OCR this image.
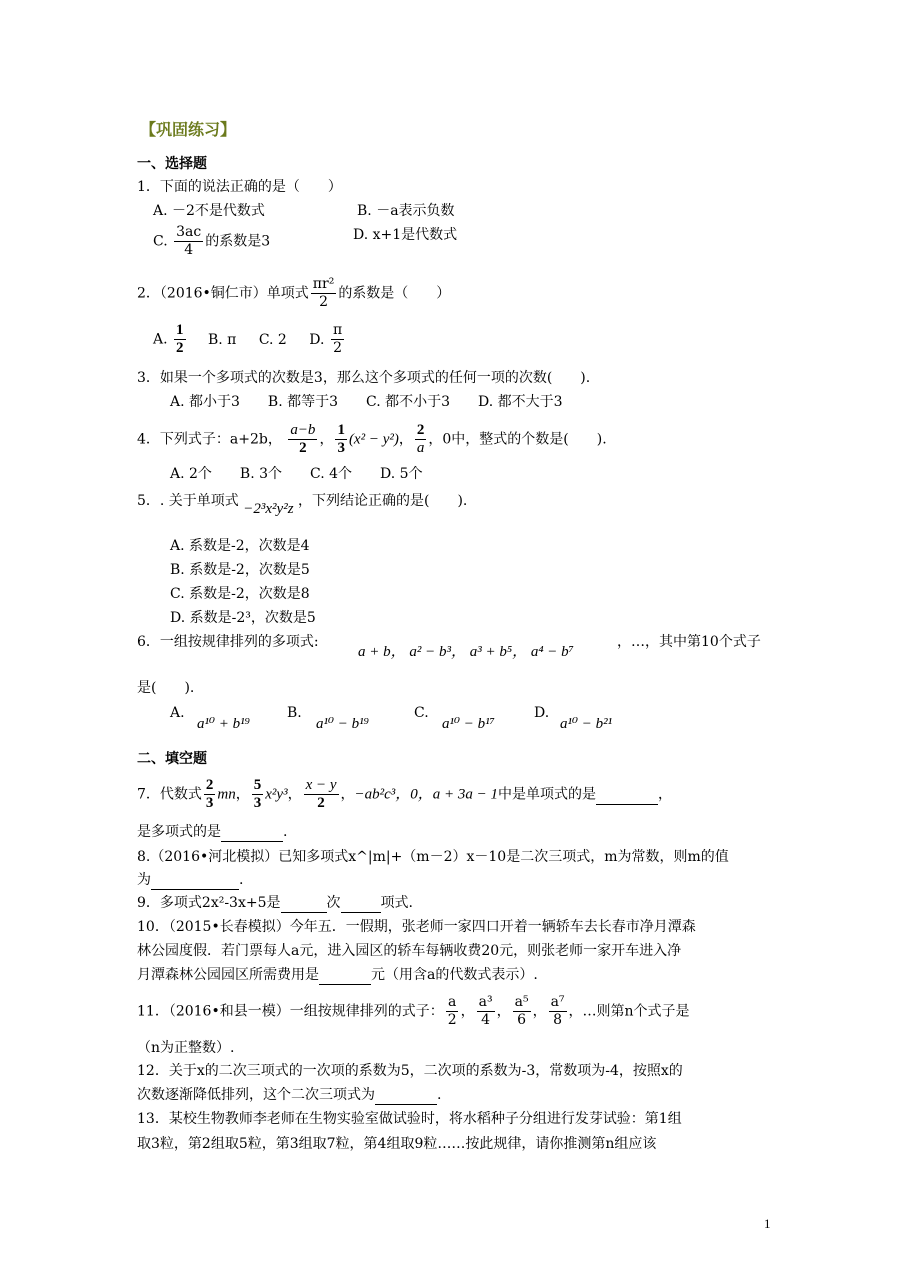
【巩固练习】
一、选择题
1．下面的说法正确的是（　　）
A. －2不是代数式	B. －a表示负数
C. $\frac{3ac}{4}$ 的系数是3	D. x+1是代数式
2．（2016•铜仁市）单项式 $\frac{\text{πr²}}{2}$ 的系数是（　　）
A. $\frac{1}{2} B$. π C. 2 D. $\frac{\pi}{2}$
3．如果一个多项式的次数是3，那么这个多项式的任何一项的次数(　　).
A. 都小于3　　B. 都等于3　　C. 都不小于3　　D. 都不大于3
4．下列式子：a+2b， $\frac{a-b}{2}$ ， $\frac{1}{3} (x^2 - y^2)$， $\frac{2}{a}$ ，0中，整式的个数是(　　).
A. 2个　　B. 3个　　C. 4个　　D. 5个
5．. 关于单项式 −2³x²y²z ，下列结论正确的是(　　).
A. 系数是-2，次数是4
B. 系数是-2，次数是5
C. 系数是-2，次数是8
D. 系数是-2³，次数是5
6．一组按规律排列的多项式:
a + b， a² − b³， a³ + b⁵， a⁴ − b⁷
，…，其中第10个式子
是(　　).
A.
a¹⁰ + b¹⁹
B.
a¹⁰ − b¹⁹
C.
a¹⁰ − b¹⁷
D.
a¹⁰ − b²¹
二、填空题
7．代数式 $\frac{2}{3}$ mn， $\frac{5}{3} x^2y^3$， $\frac{x - y}{2}$ ，−ab²c³，0，a + 3a − 1中是单项式的是	，
是多项式的是	.
8.（2016•河北模拟）已知多项式x^|m|+（m－2）x－10是二次三项式，m为常数，则m的值
为	.
9．多项式2x²-3x+5是	次	项式.
10．（2015•长春模拟）今年五．一假期，张老师一家四口开着一辆轿车去长春市净月潭森
林公园度假．若门票每人a元，进入园区的轿车每辆收费20元，则张老师一家开车进入净
月潭森林公园园区所需费用是	元（用含a的代数式表示）.
11．（2016•和县一模）一组按规律排列的式子： $\frac{a}{2}$ ， $\frac{\text{a³}}{4}$ ， $\frac{\text{a⁵}}{6}$ ， $\frac{\text{a⁷}}{8}$ ，…则第n个式子是
（n为正整数）.
12．关于x的二次三项式的一次项的系数为5，二次项的系数为-3，常数项为-4，按照x的
次数逐渐降低排列，这个二次三项式为	.
13．某校生物教师李老师在生物实验室做试验时，将水稻种子分组进行发芽试验：第1组
取3粒，第2组取5粒，第3组取7粒，第4组取9粒……按此规律，请你推测第n组应该
1
